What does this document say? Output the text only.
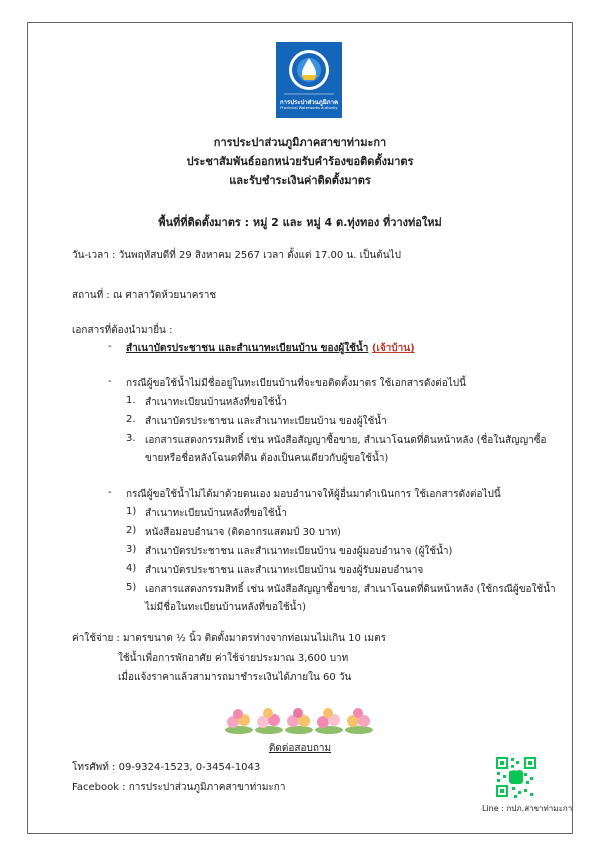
การประปาส่วนภูมิภาค
Provincial Waterworks Authority
การประปาส่วนภูมิภาคสาขาท่ามะกา
ประชาสัมพันธ์ออกหน่วยรับคำร้องขอติดตั้งมาตร
และรับชำระเงินค่าติดตั้งมาตร
พื้นที่ที่ติดตั้งมาตร : หมู่ 2 และ หมู่ 4 ต.ทุ่งทอง ที่วางท่อใหม่
วัน-เวลา : วันพฤหัสบดีที่ 29 สิงหาคม 2567 เวลา ตั้งแต่ 17.00 น. เป็นต้นไป
สถานที่ : ณ ศาลาวัดห้วยนาคราช
เอกสารที่ต้องนำมายื่น :
- สำเนาบัตรประชาชน และสำเนาทะเบียนบ้าน ของผู้ใช้น้ำ (เจ้าบ้าน)
- กรณีผู้ขอใช้น้ำไม่มีชื่ออยู่ในทะเบียนบ้านที่จะขอติดตั้งมาตร ใช้เอกสารดังต่อไปนี้
1. สำเนาทะเบียนบ้านหลังที่ขอใช้น้ำ
2. สำเนาบัตรประชาชน และสำเนาทะเบียนบ้าน ของผู้ใช้น้ำ
3. เอกสารแสดงกรรมสิทธิ์ เช่น หนังสือสัญญาซื้อขาย, สำเนาโฉนดที่ดินหน้าหลัง (ชื่อในสัญญาซื้อ
ขายหรือชื่อหลังโฉนดที่ดิน ต้องเป็นคนเดียวกับผู้ขอใช้น้ำ)
- กรณีผู้ขอใช้น้ำไม่ได้มาด้วยตนเอง มอบอำนาจให้ผู้อื่นมาดำเนินการ ใช้เอกสารดังต่อไปนี้
1) สำเนาทะเบียนบ้านหลังที่ขอใช้น้ำ
2) หนังสือมอบอำนาจ (ติดอากรแสตมป์ 30 บาท)
3) สำเนาบัตรประชาชน และสำเนาทะเบียนบ้าน ของผู้มอบอำนาจ (ผู้ใช้น้ำ)
4) สำเนาบัตรประชาชน และสำเนาทะเบียนบ้าน ของผู้รับมอบอำนาจ
5) เอกสารแสดงกรรมสิทธิ์ เช่น หนังสือสัญญาซื้อขาย, สำเนาโฉนดที่ดินหน้าหลัง (ใช้กรณีผู้ขอใช้น้ำ
ไม่มีชื่อในทะเบียนบ้านหลังที่ขอใช้น้ำ)
ค่าใช้จ่าย : มาตรขนาด ½ นิ้ว ติดตั้งมาตรห่างจากท่อเมนไม่เกิน 10 เมตร
ใช้น้ำเพื่อการพักอาศัย ค่าใช้จ่ายประมาณ 3,600 บาท
เมื่อแจ้งราคาแล้วสามารถมาชำระเงินได้ภายใน 60 วัน
ติดต่อสอบถาม
โทรศัพท์ : 09-9324-1523, 0-3454-1043
Facebook : การประปาส่วนภูมิภาคสาขาท่ามะกา
LINE
Line : กปภ.สาขาท่ามะกา
